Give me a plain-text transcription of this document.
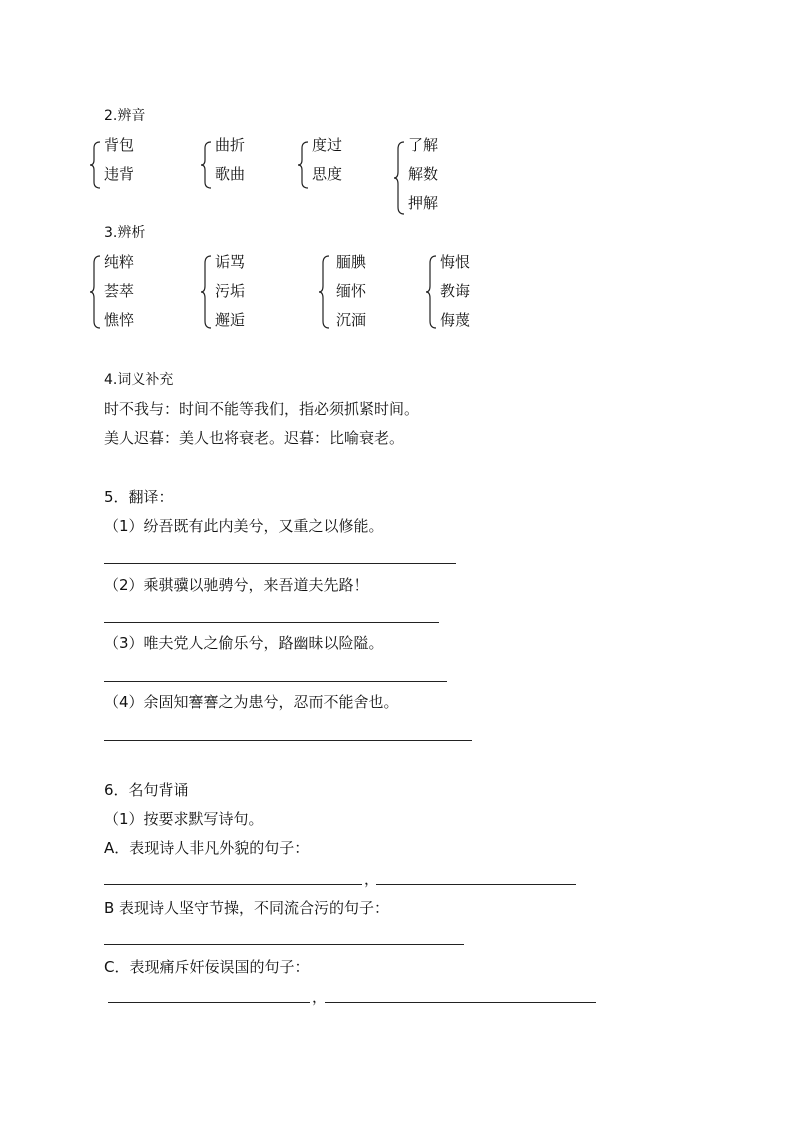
2.辨音
背包
违背
曲折
歌曲
度过
思度
了解
解数
押解
3.辨析
纯粹
荟萃
憔悴
诟骂
污垢
邂逅
腼腆
缅怀
沉湎
悔恨
教诲
侮蔑
4.词义补充
时不我与：时间不能等我们，指必须抓紧时间。
美人迟暮：美人也将衰老。迟暮：比喻衰老。
5．翻译：
（1）纷吾既有此内美兮，又重之以修能。
（2）乘骐骥以驰骋兮，来吾道夫先路！
（3）唯夫党人之偷乐兮，路幽昧以险隘。
（4）余固知謇謇之为患兮，忍而不能舍也。
6．名句背诵
（1）按要求默写诗句。
A．表现诗人非凡外貌的句子：
，
B 表现诗人坚守节操，不同流合污的句子：
C．表现痛斥奸佞误国的句子：
，
